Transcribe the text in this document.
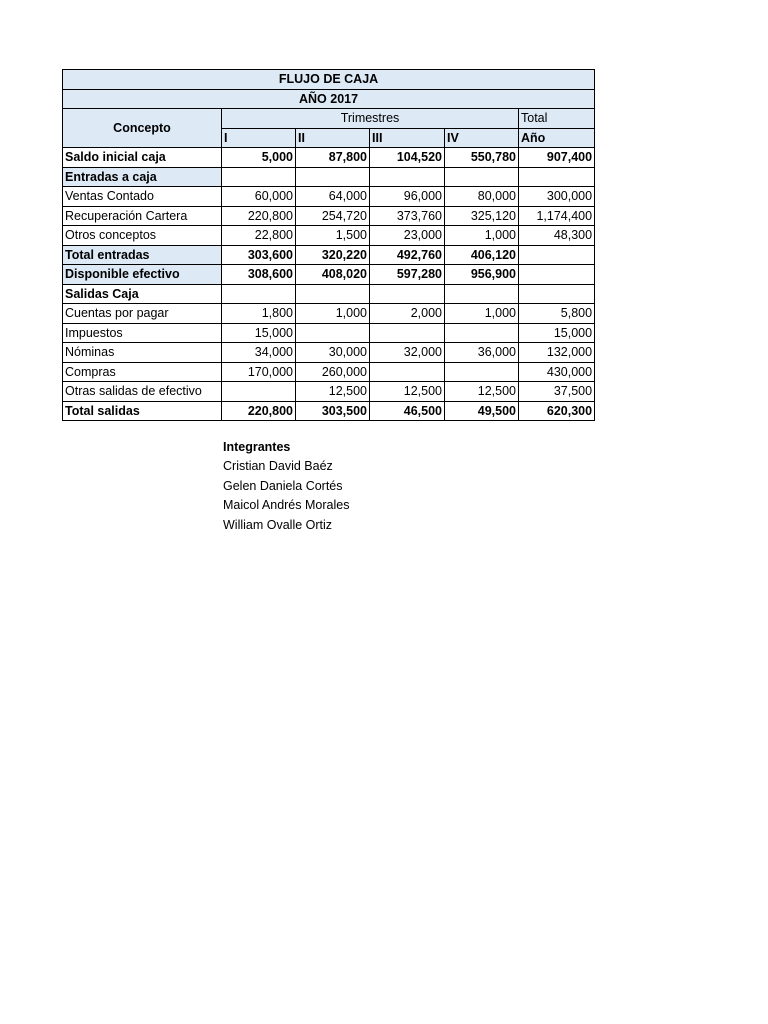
FLUJO DE CAJA					
AÑO 2017					
Concepto	Trimestres				Total
	I	II	III	IV	Año
Saldo inicial caja	5,000	87,800	104,520	550,780	907,400
Entradas a caja					
Ventas Contado	60,000	64,000	96,000	80,000	300,000
Recuperación Cartera	220,800	254,720	373,760	325,120	1,174,400
Otros conceptos	22,800	1,500	23,000	1,000	48,300
Total entradas	303,600	320,220	492,760	406,120	
Disponible efectivo	308,600	408,020	597,280	956,900	
Salidas Caja					
Cuentas por pagar	1,800	1,000	2,000	1,000	5,800
Impuestos	15,000				15,000
Nóminas	34,000	30,000	32,000	36,000	132,000
Compras	170,000	260,000			430,000
Otras salidas de efectivo		12,500	12,500	12,500	37,500
Total salidas	220,800	303,500	46,500	49,500	620,300
Integrantes
Cristian David Baéz
Gelen Daniela Cortés
Maicol Andrés Morales
William Ovalle Ortiz
